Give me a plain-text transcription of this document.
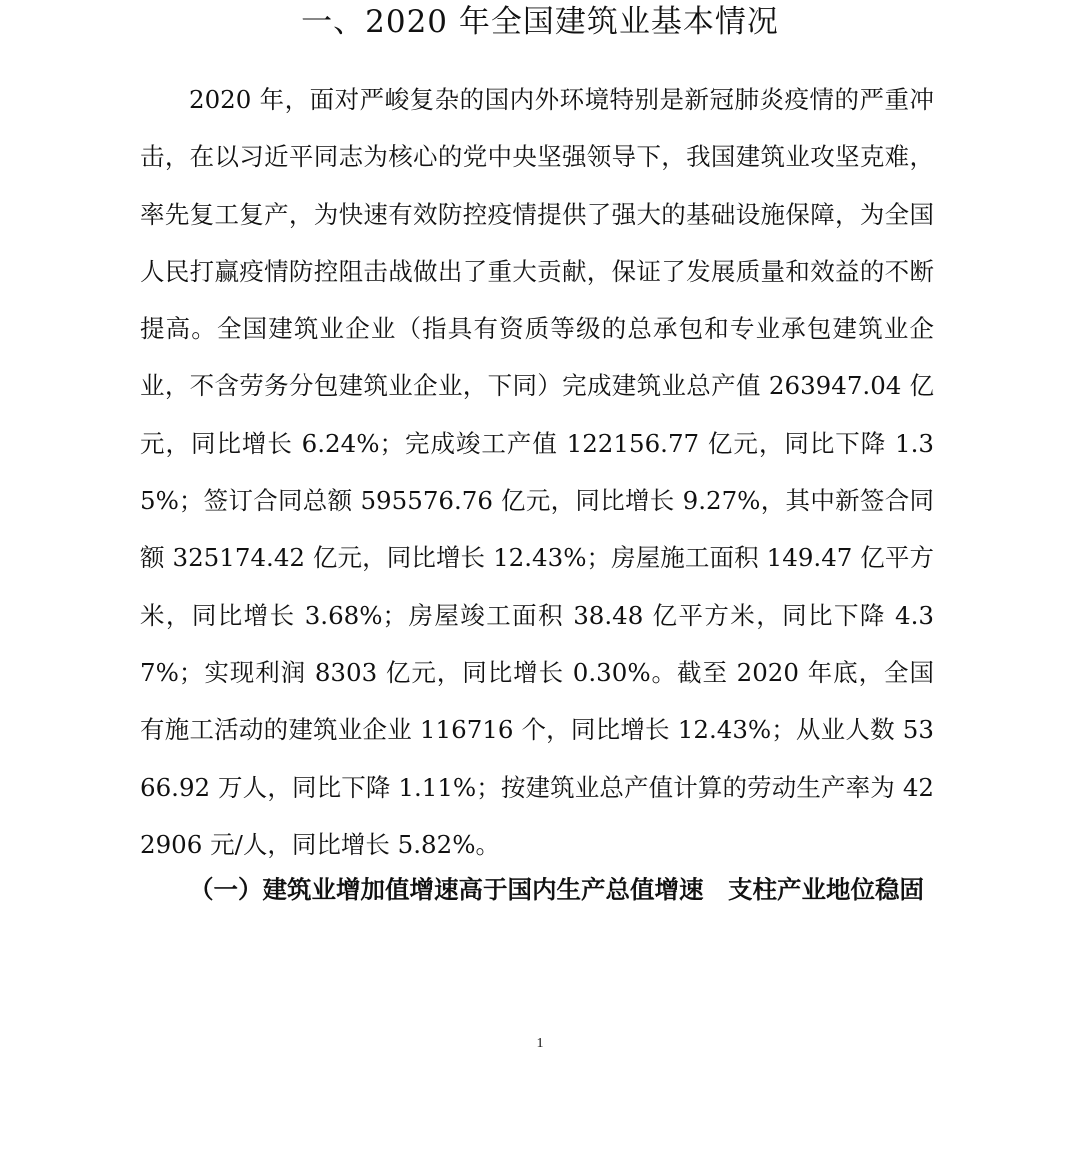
一、2020 年全国建筑业基本情况

2020 年，面对严峻复杂的国内外环境特别是新冠肺炎疫情的严重冲击，在以习近平同志为核心的党中央坚强领导下，我国建筑业攻坚克难，率先复工复产，为快速有效防控疫情提供了强大的基础设施保障，为全国人民打赢疫情防控阻击战做出了重大贡献，保证了发展质量和效益的不断提高。全国建筑业企业（指具有资质等级的总承包和专业承包建筑业企业，不含劳务分包建筑业企业，下同）完成建筑业总产值 263947.04 亿元，同比增长 6.24%；完成竣工产值 122156.77 亿元，同比下降 1.35%；签订合同总额 595576.76 亿元，同比增长 9.27%，其中新签合同额 325174.42 亿元，同比增长 12.43%；房屋施工面积 149.47 亿平方米，同比增长 3.68%；房屋竣工面积 38.48 亿平方米，同比下降 4.37%；实现利润 8303 亿元，同比增长 0.30%。截至 2020 年底，全国有施工活动的建筑业企业 116716 个，同比增长 12.43%；从业人数 5366.92 万人，同比下降 1.11%；按建筑业总产值计算的劳动生产率为 422906 元/人，同比增长 5.82%。

（一）建筑业增加值增速高于国内生产总值增速　支柱产业地位稳固

1
